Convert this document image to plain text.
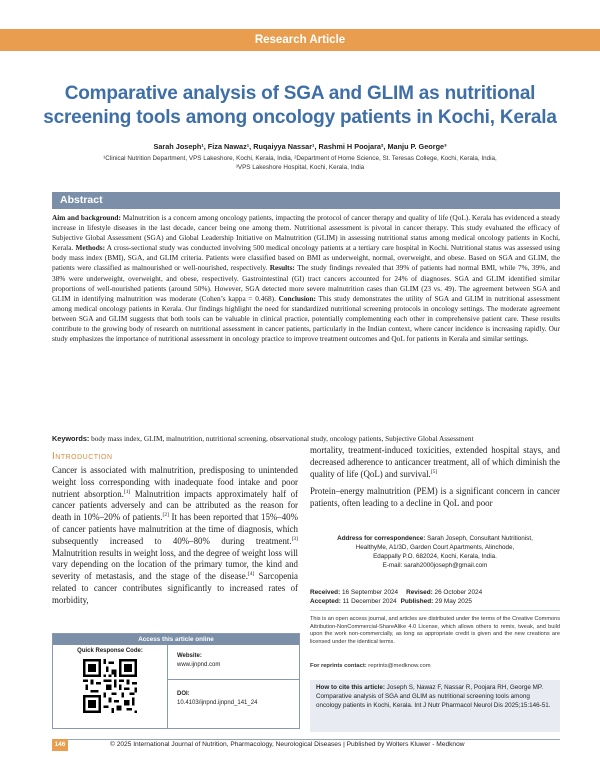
Research Article
Comparative analysis of SGA and GLIM as nutritional screening tools among oncology patients in Kochi, Kerala
Sarah Joseph¹, Fiza Nawaz¹, Ruqaiyya Nassar¹, Rashmi H Poojara², Manju P. George³
¹Clinical Nutrition Department, VPS Lakeshore, Kochi, Kerala, India, ²Department of Home Science, St. Teresas College, Kochi, Kerala, India,
³VPS Lakeshore Hospital, Kochi, Kerala, India
Abstract
Aim and background: Malnutrition is a concern among oncology patients, impacting the protocol of cancer therapy and quality of life (QoL). Kerala has evidenced a steady increase in lifestyle diseases in the last decade, cancer being one among them. Nutritional assessment is pivotal in cancer therapy. This study evaluated the efficacy of Subjective Global Assessment (SGA) and Global Leadership Initiative on Malnutrition (GLIM) in assessing nutritional status among medical oncology patients in Kochi, Kerala. Methods: A cross-sectional study was conducted involving 500 medical oncology patients at a tertiary care hospital in Kochi. Nutritional status was assessed using body mass index (BMI), SGA, and GLIM criteria. Patients were classified based on BMI as underweight, normal, overweight, and obese. Based on SGA and GLIM, the patients were classified as malnourished or well-nourished, respectively. Results: The study findings revealed that 39% of patients had normal BMI, while 7%, 39%, and 38% were underweight, overweight, and obese, respectively. Gastrointestinal (GI) tract cancers accounted for 24% of diagnoses. SGA and GLIM identified similar proportions of well-nourished patients (around 50%). However, SGA detected more severe malnutrition cases than GLIM (23 vs. 49). The agreement between SGA and GLIM in identifying malnutrition was moderate (Cohen’s kappa = 0.468). Conclusion: This study demonstrates the utility of SGA and GLIM in nutritional assessment among medical oncology patients in Kerala. Our findings highlight the need for standardized nutritional screening protocols in oncology settings. The moderate agreement between SGA and GLIM suggests that both tools can be valuable in clinical practice, potentially complementing each other in comprehensive patient care. These results contribute to the growing body of research on nutritional assessment in cancer patients, particularly in the Indian context, where cancer incidence is increasing rapidly. Our study emphasizes the importance of nutritional assessment in oncology practice to improve treatment outcomes and QoL for patients in Kerala and similar settings.
Keywords: body mass index, GLIM, malnutrition, nutritional screening, observational study, oncology patients, Subjective Global Assessment
Introduction

Cancer is associated with malnutrition, predisposing to unintended weight loss corresponding with inadequate food intake and poor nutrient absorption.[1] Malnutrition impacts approximately half of cancer patients adversely and can be attributed as the reason for death in 10%–20% of patients.[2] It has been reported that 15%–40% of cancer patients have malnutrition at the time of diagnosis, which subsequently increased to 40%–80% during treatment.[3] Malnutrition results in weight loss, and the degree of weight loss will vary depending on the location of the primary tumor, the kind and severity of metastasis, and the stage of the disease.[4] Sarcopenia related to cancer contributes significantly to increased rates of morbidity,

mortality, treatment-induced toxicities, extended hospital stays, and decreased adherence to anticancer treatment, all of which diminish the quality of life (QoL) and survival.[5]

Protein–energy malnutrition (PEM) is a significant concern in cancer patients, often leading to a decline in QoL and poor

Address for correspondence: Sarah Joseph, Consultant Nutritionist,
HealthyMe, A1/3D, Garden Court Apartments, Alinchode,
Edappally P.O. 682024, Kochi, Kerala, India.
E-mail: sarah2000joseph@gmail.com
Received: 16 September 2024 Revised: 26 October 2024
Accepted: 11 December 2024 Published: 29 May 2025
This is an open access journal, and articles are distributed under the terms of the Creative Commons Attribution-NonCommercial-ShareAlike 4.0 License, which allows others to remix, tweak, and build upon the work non-commercially, as long as appropriate credit is given and the new creations are licensed under the identical terms.
For reprints contact: reprints@medknow.com
How to cite this article: Joseph S, Nawaz F, Nassar R, Poojara RH, George MP. Comparative analysis of SGA and GLIM as nutritional screening tools among oncology patients in Kochi, Kerala. Int J Nutr Pharmacol Neurol Dis 2025;15:146-51.
Access this article online
Quick Response Code:
Website:
www.ijnpnd.com
DOI:
10.4103/ijnpnd.ijnpnd_141_24
146	© 2025 International Journal of Nutrition, Pharmacology, Neurological Diseases | Published by Wolters Kluwer - Medknow
